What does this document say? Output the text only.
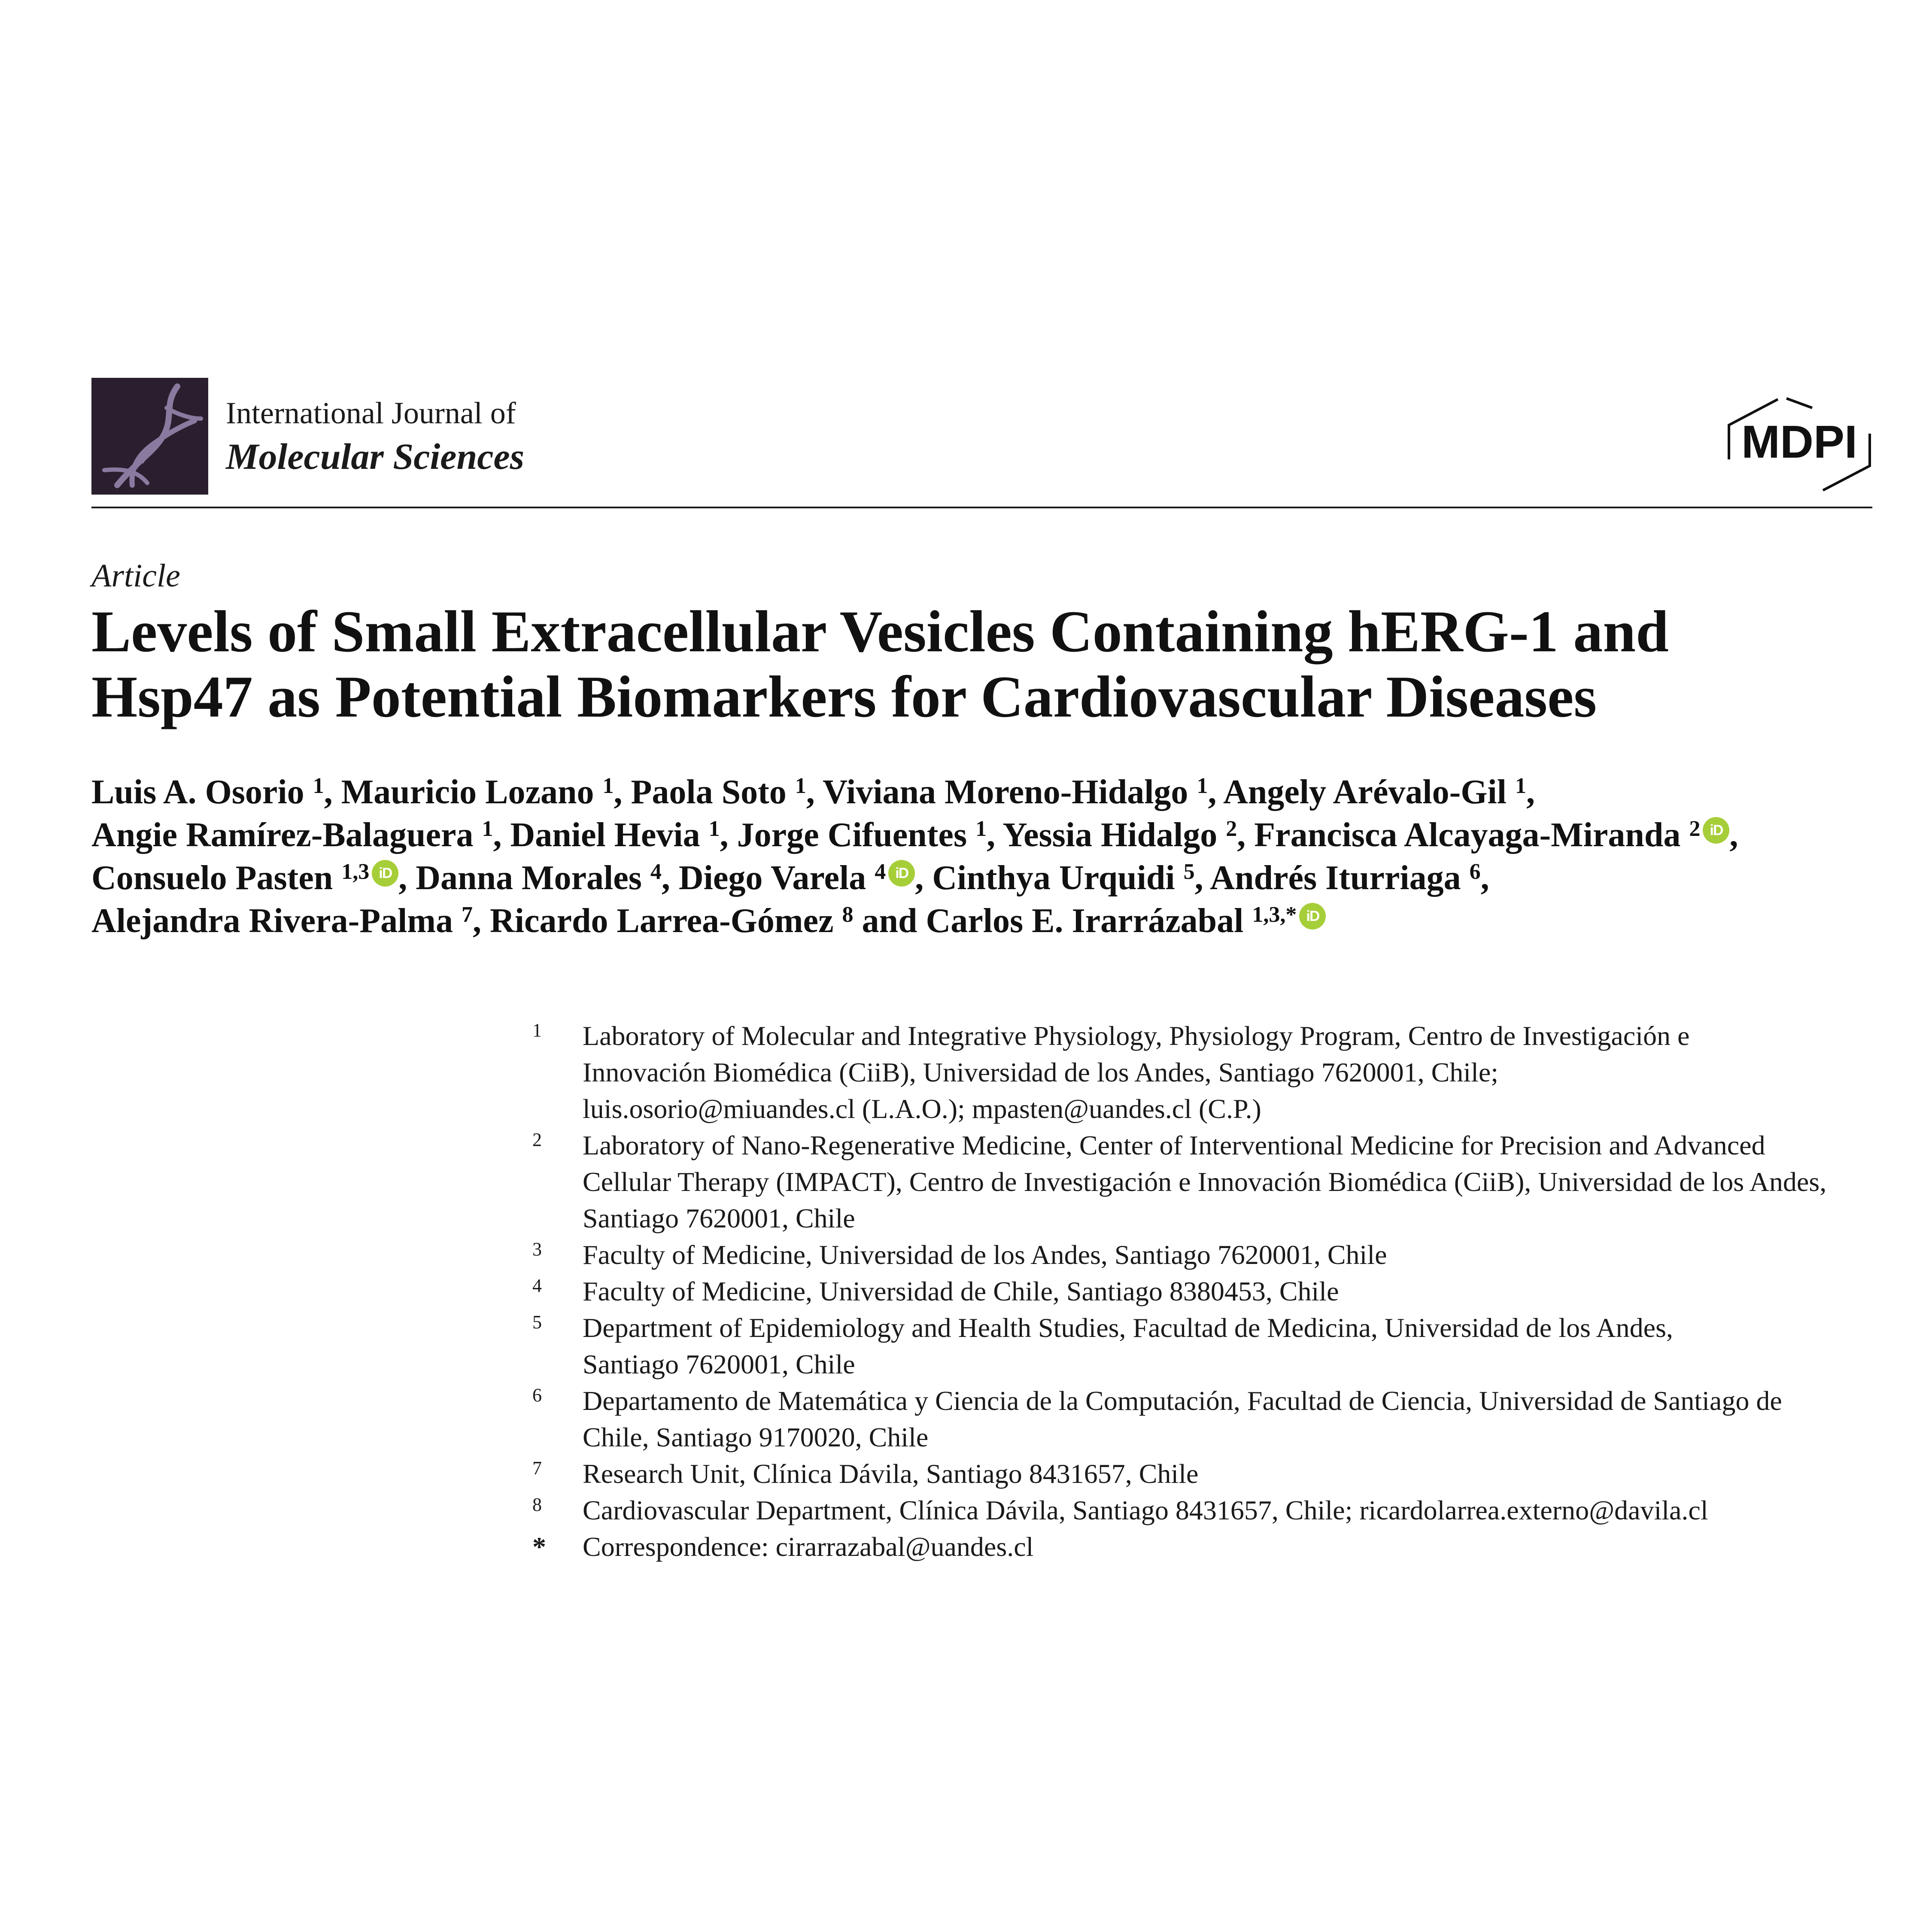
International Journal of
Molecular Sciences	MDPI
Article
Levels of Small Extracellular Vesicles Containing hERG-1 and
Hsp47 as Potential Biomarkers for Cardiovascular Diseases
Luis A. Osorio $^1$, Mauricio Lozano $^1$, Paola Soto $^1$, Viviana Moreno-Hidalgo $^1$, Angely Arévalo-Gil $^1$,
Angie Ramírez-Balaguera $^1$, Daniel Hevia $^1$, Jorge Cifuentes $^1$, Yessia Hidalgo $^2$, Francisca Alcayaga-Miranda $^2$ iD ,
Consuelo Pasten $^{1,3}$ iD , Danna Morales $^4$, Diego Varela $^4$ iD , Cinthya Urquidi $^5$, Andrés Iturriaga $^6$,
Alejandra Rivera-Palma $^7$, Ricardo Larrea-Gómez $^8$ and Carlos E. Irarrázabal $^{1,3,*}$ iD
1 Laboratory of Molecular and Integrative Physiology, Physiology Program, Centro de Investigación e
Innovación Biomédica (CiiB), Universidad de los Andes, Santiago 7620001, Chile;
luis.osorio@miuandes.cl (L.A.O.); mpasten@uandes.cl (C.P.)
2 Laboratory of Nano-Regenerative Medicine, Center of Interventional Medicine for Precision and Advanced
Cellular Therapy (IMPACT), Centro de Investigación e Innovación Biomédica (CiiB), Universidad de los Andes,
Santiago 7620001, Chile
3 Faculty of Medicine, Universidad de los Andes, Santiago 7620001, Chile
4 Faculty of Medicine, Universidad de Chile, Santiago 8380453, Chile
5 Department of Epidemiology and Health Studies, Facultad de Medicina, Universidad de los Andes,
Santiago 7620001, Chile
6 Departamento de Matemática y Ciencia de la Computación, Facultad de Ciencia, Universidad de Santiago de
Chile, Santiago 9170020, Chile
7 Research Unit, Clínica Dávila, Santiago 8431657, Chile
8 Cardiovascular Department, Clínica Dávila, Santiago 8431657, Chile; ricardolarrea.externo@davila.cl
* Correspondence: cirarrazabal@uandes.cl
